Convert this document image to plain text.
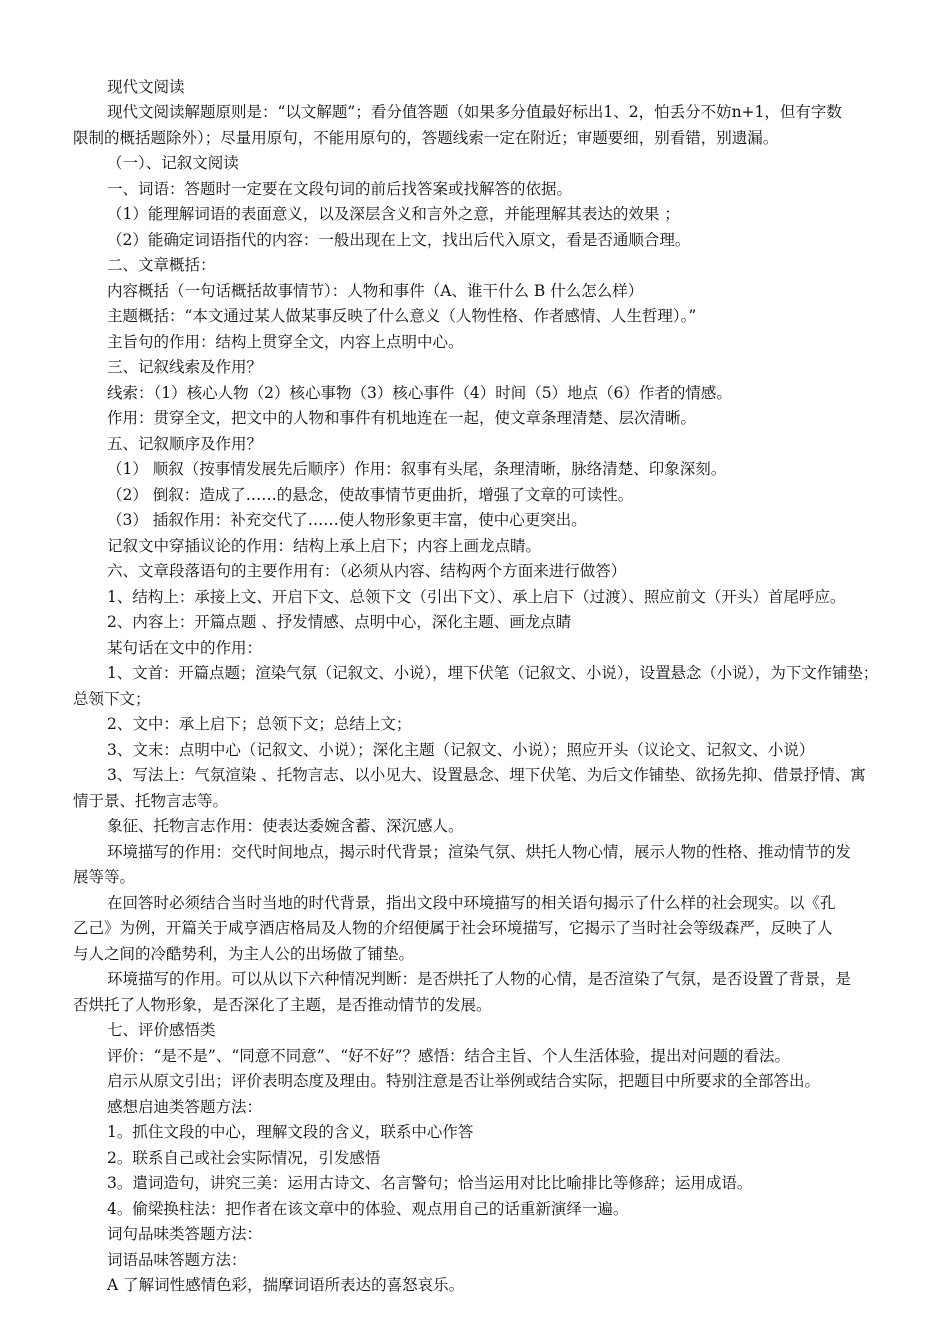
现代文阅读

现代文阅读解题原则是：“以文解题”；看分值答题（如果多分值最好标出1、2，怕丢分不妨n+1，但有字数

限制的概括题除外）；尽量用原句，不能用原句的，答题线索一定在附近；审题要细，别看错，别遗漏。

（一）、记叙文阅读

一、词语：答题时一定要在文段句词的前后找答案或找解答的依据。

（1）能理解词语的表面意义，以及深层含义和言外之意，并能理解其表达的效果 ；

（2）能确定词语指代的内容：一般出现在上文，找出后代入原文，看是否通顺合理。

二、文章概括：

内容概括（一句话概括故事情节）：人物和事件（A、谁干什么 B 什么怎么样）

主题概括：“本文通过某人做某事反映了什么意义（人物性格、作者感情、人生哲理）。”

主旨句的作用：结构上贯穿全文，内容上点明中心。

三、记叙线索及作用？

线索：（1）核心人物（2）核心事物（3）核心事件（4）时间（5）地点（6）作者的情感。

作用：贯穿全文，把文中的人物和事件有机地连在一起，使文章条理清楚、层次清晰。

五、记叙顺序及作用？

（1） 顺叙（按事情发展先后顺序）作用：叙事有头尾，条理清晰，脉络清楚、印象深刻。

（2） 倒叙：造成了……的悬念，使故事情节更曲折，增强了文章的可读性。

（3） 插叙作用：补充交代了……使人物形象更丰富，使中心更突出。

记叙文中穿插议论的作用：结构上承上启下；内容上画龙点睛。

六、文章段落语句的主要作用有：（必须从内容、结构两个方面来进行做答）

1、结构上：承接上文、开启下文、总领下文（引出下文）、承上启下（过渡）、照应前文（开头）首尾呼应。

2、内容上：开篇点题 、抒发情感、点明中心，深化主题、画龙点睛

某句话在文中的作用：

1、文首：开篇点题；渲染气氛（记叙文、小说），埋下伏笔（记叙文、小说），设置悬念（小说），为下文作铺垫；

总领下文；

2、文中：承上启下；总领下文；总结上文；

3、文末：点明中心（记叙文、小说）；深化主题（记叙文、小说）；照应开头（议论文、记叙文、小说）

3、写法上：气氛渲染 、托物言志、以小见大、设置悬念、埋下伏笔、为后文作铺垫、欲扬先抑、借景抒情、寓

情于景、托物言志等。

象征、托物言志作用：使表达委婉含蓄、深沉感人。

环境描写的作用：交代时间地点，揭示时代背景；渲染气氛、烘托人物心情，展示人物的性格、推动情节的发

展等等。

在回答时必须结合当时当地的时代背景，指出文段中环境描写的相关语句揭示了什么样的社会现实。以《孔

乙己》为例，开篇关于咸亨酒店格局及人物的介绍便属于社会环境描写，它揭示了当时社会等级森严，反映了人

与人之间的冷酷势利，为主人公的出场做了铺垫。

环境描写的作用。可以从以下六种情况判断：是否烘托了人物的心情，是否渲染了气氛，是否设置了背景，是

否烘托了人物形象，是否深化了主题，是否推动情节的发展。

七、评价感悟类

评价：“是不是”、“同意不同意”、“好不好”？感悟：结合主旨、个人生活体验，提出对问题的看法。

启示从原文引出；评价表明态度及理由。特别注意是否让举例或结合实际，把题目中所要求的全部答出。

感想启迪类答题方法：

1。抓住文段的中心，理解文段的含义，联系中心作答

2。联系自己或社会实际情况，引发感悟

3。遣词造句，讲究三美：运用古诗文、名言警句；恰当运用对比比喻排比等修辞；运用成语。

4。偷梁换柱法：把作者在该文章中的体验、观点用自己的话重新演绎一遍。

词句品味类答题方法：

词语品味答题方法：

A 了解词性感情色彩，揣摩词语所表达的喜怒哀乐。
